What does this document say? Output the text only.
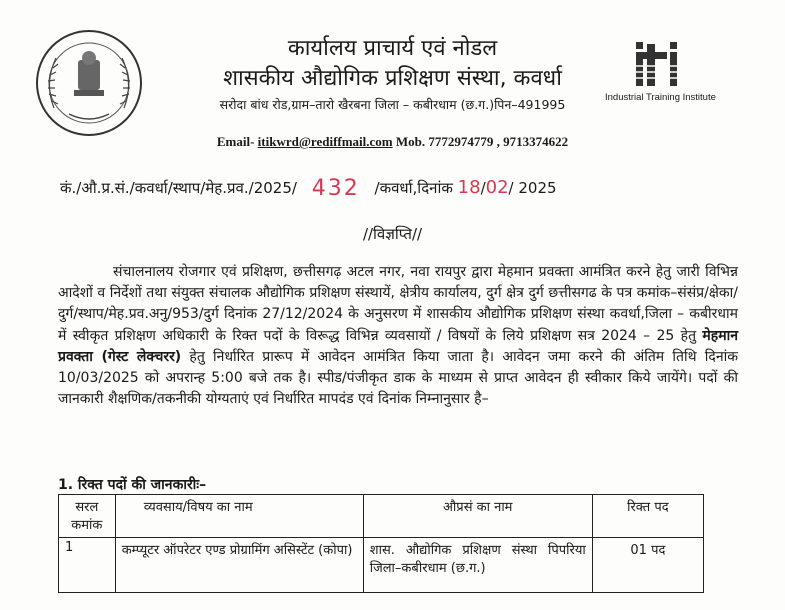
कार्यालय प्राचार्य एवं नोडल
शासकीय औद्योगिक प्रशिक्षण संस्था, कवर्धा
सरोदा बांध रोड,ग्राम–तारो खैरबना जिला – कबीरधाम (छ.ग.)पिन–491995	Industrial Training Institute
Email- itikwrd@rediffmail.com Mob. 7772974779 , 9713374622
कं./औ.प्र.सं./कवर्धा/स्थाप/मेह.प्रव./2025/ 432 /कवर्धा,दिनांक 18/02/ 2025
//विज्ञप्ति//

संचालनालय रोजगार एवं प्रशिक्षण, छत्तीसगढ़ अटल नगर, नवा रायपुर द्वारा मेहमान प्रवक्ता आमंत्रित करने हेतु जारी विभिन्न आदेशों व निर्देशों तथा संयुक्त संचालक औद्योगिक प्रशिक्षण संस्थायें, क्षेत्रीय कार्यालय, दुर्ग क्षेत्र दुर्ग छत्तीसगढ के पत्र कमांक–संसंप्र/क्षेका/दुर्ग/स्थाप/मेह.प्रव.अनु/953/दुर्ग दिनांक 27/12/2024 के अनुसरण में शासकीय औद्योगिक प्रशिक्षण संस्था कवर्धा,जिला – कबीरधाम में स्वीकृत प्रशिक्षण अधिकारी के रिक्त पदों के विरूद्ध विभिन्न व्यवसायों / विषयों के लिये प्रशिक्षण सत्र 2024 – 25 हेतु मेहमान प्रवक्ता (गेस्ट लेक्चरर) हेतु निर्धारित प्रारूप में आवेदन आमंत्रित किया जाता है। आवेदन जमा करने की अंतिम तिथि दिनांक 10/03/2025 को अपरान्ह 5:00 बजे तक है। स्पीड/पंजीकृत डाक के माध्यम से प्राप्त आवेदन ही स्वीकार किये जायेंगे। पदों की जानकारी शैक्षणिक/तकनीकी योग्यताएं एवं निर्धारित मापदंड एवं दिनांक निम्नानुसार है–

1. रिक्त पदों की जानकारीः–
सरल कमांक	व्यवसाय/विषय का नाम	औप्रसं का नाम	रिक्त पद
1	कम्प्यूटर ऑपरेटर एण्ड प्रोग्रामिंग असिस्टेंट (कोपा)	शास. औद्योगिक प्रशिक्षण संस्था पिपरिया जिला–कबीरधाम (छ.ग.)	01 पद
